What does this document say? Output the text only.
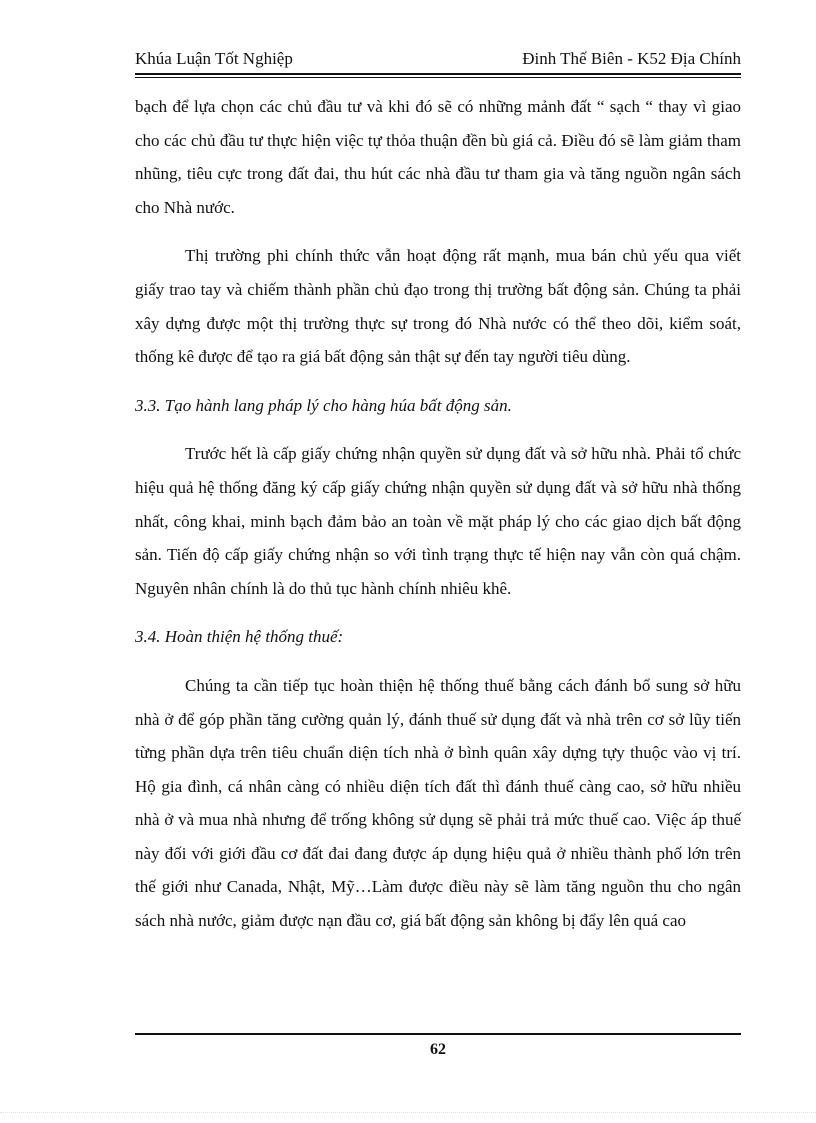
Khúa Luận Tốt Nghiệp	Đinh Thế Biên - K52 Địa Chính

bạch để lựa chọn các chủ đầu tư và khi đó sẽ có những mảnh đất “ sạch “ thay vì giao cho các chủ đầu tư thực hiện việc tự thỏa thuận đền bù giá cả. Điều đó sẽ làm giảm tham nhũng, tiêu cực trong đất đai, thu hút các nhà đầu tư tham gia và tăng nguồn ngân sách cho Nhà nước.

Thị trường phi chính thức vẫn hoạt động rất mạnh, mua bán chủ yếu qua viết giấy trao tay và chiếm thành phần chủ đạo trong thị trường bất động sản. Chúng ta phải xây dựng được một thị trường thực sự trong đó Nhà nước có thể theo dõi, kiểm soát, thống kê được để tạo ra giá bất động sản thật sự đến tay người tiêu dùng.

3.3. Tạo hành lang pháp lý cho hàng húa bất động sản.

Trước hết là cấp giấy chứng nhận quyền sử dụng đất và sở hữu nhà. Phải tổ chức hiệu quả hệ thống đăng ký cấp giấy chứng nhận quyền sử dụng đất và sở hữu nhà thống nhất, công khai, minh bạch đảm bảo an toàn về mặt pháp lý cho các giao dịch bất động sản. Tiến độ cấp giấy chứng nhận so với tình trạng thực tế hiện nay vẫn còn quá chậm. Nguyên nhân chính là do thủ tục hành chính nhiêu khê.

3.4. Hoàn thiện hệ thống thuế:

Chúng ta cần tiếp tục hoàn thiện hệ thống thuế bằng cách đánh bổ sung sở hữu nhà ở để góp phần tăng cường quản lý, đánh thuế sử dụng đất và nhà trên cơ sở lũy tiến từng phần dựa trên tiêu chuẩn diện tích nhà ở bình quân xây dựng tựy thuộc vào vị trí. Hộ gia đình, cá nhân càng có nhiều diện tích đất thì đánh thuế càng cao, sở hữu nhiều nhà ở và mua nhà nhưng để trống không sử dụng sẽ phải trả mức thuế cao. Việc áp thuế này đối với giới đầu cơ đất đai đang được áp dụng hiệu quả ở nhiều thành phố lớn trên thế giới như Canada, Nhật, Mỹ…Làm được điều này sẽ làm tăng nguồn thu cho ngân sách nhà nước, giảm được nạn đầu cơ, giá bất động sản không bị đẩy lên quá cao

62
